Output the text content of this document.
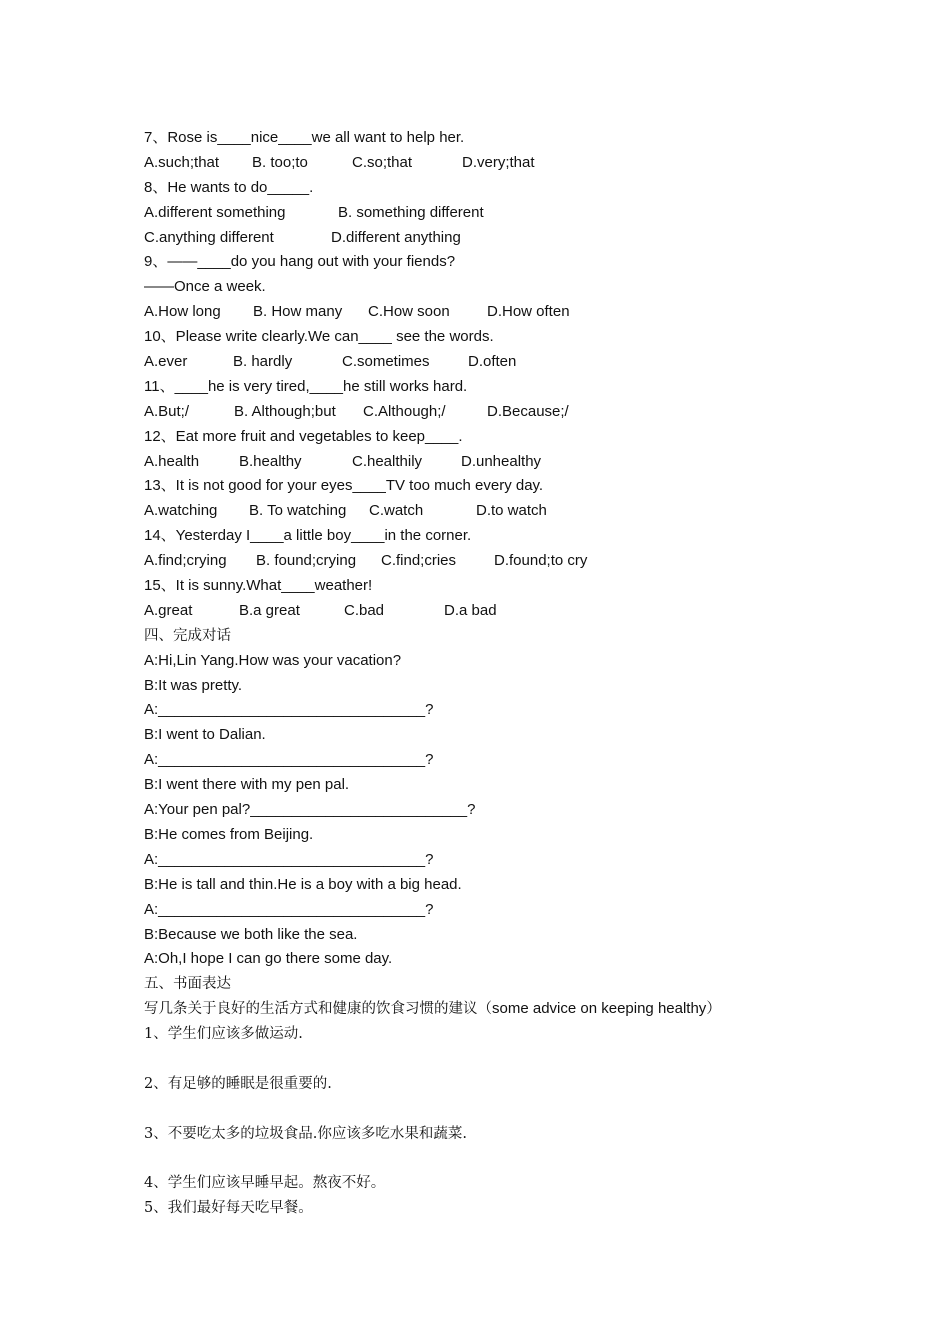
7、Rose is____nice____we all want to help her.
A.such;that B. too;to	C.so;that	D.very;that
8、He wants to do_____.
A.different something	B. something different
C.anything different	D.different anything
9、——____do you hang out with your fiends?
——Once a week.
A.How long B. How many C.How soon D.How often
10、Please write clearly.We can____ see the words.
A.ever	B. hardly	C.sometimes	D.often
11、____he is very tired,____he still works hard.
A.But;/	B. Although;but C.Although;/	D.Because;/
12、Eat more fruit and vegetables to keep____.
A.health	B.healthy	C.healthily	D.unhealthy
13、It is not good for your eyes____TV too much every day.
A.watching B. To watching C.watch	D.to watch
14、Yesterday I____a little boy____in the corner.
A.find;crying B. found;crying C.find;cries	D.found;to cry
15、It is sunny.What____weather!
A.great	B.a great	C.bad	D.a bad
四、完成对话
A:Hi,Lin Yang.How was your vacation?
B:It was pretty.
A:________________________________?
B:I went to Dalian.
A:________________________________?
B:I went there with my pen pal.
A:Your pen pal?__________________________?
B:He comes from Beijing.
A:________________________________?
B:He is tall and thin.He is a boy with a big head.
A:________________________________?
B:Because we both like the sea.
A:Oh,I hope I can go there some day.
五、书面表达
写几条关于良好的生活方式和健康的饮食习惯的建议（some advice on keeping healthy）
1、学生们应该多做运动.
2、有足够的睡眠是很重要的.
3、不要吃太多的垃圾食品.你应该多吃水果和蔬菜.
4、学生们应该早睡早起。熬夜不好。
5、我们最好每天吃早餐。
